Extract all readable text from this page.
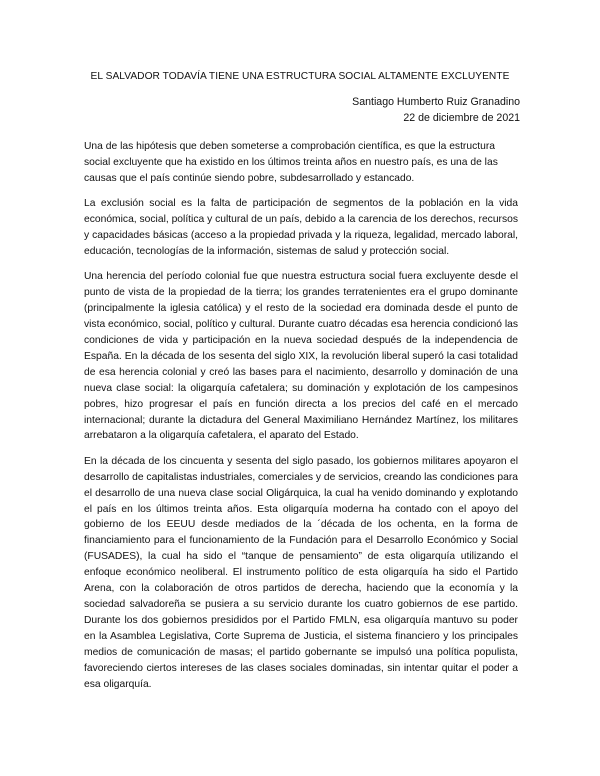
EL SALVADOR TODAVÍA TIENE UNA ESTRUCTURA SOCIAL ALTAMENTE EXCLUYENTE
Santiago Humberto Ruiz Granadino
22 de diciembre de 2021

Una de las hipótesis que deben someterse a comprobación científica, es que la estructura social excluyente que ha existido en los últimos treinta años en nuestro país, es una de las causas que el país continúe siendo pobre, subdesarrollado y estancado.

La exclusión social es la falta de participación de segmentos de la población en la vida económica, social, política y cultural de un país, debido a la carencia de los derechos, recursos y capacidades básicas (acceso a la propiedad privada y la riqueza, legalidad, mercado laboral, educación, tecnologías de la información, sistemas de salud y protección social.

Una herencia del período colonial fue que nuestra estructura social fuera excluyente desde el punto de vista de la propiedad de la tierra; los grandes terratenientes era el grupo dominante (principalmente la iglesia católica) y el resto de la sociedad era dominada desde el punto de vista económico, social, político y cultural. Durante cuatro décadas esa herencia condicionó las condiciones de vida y participación en la nueva sociedad después de la independencia de España. En la década de los sesenta del siglo XIX, la revolución liberal superó la casi totalidad de esa herencia colonial y creó las bases para el nacimiento, desarrollo y dominación de una nueva clase social: la oligarquía cafetalera; su dominación y explotación de los campesinos pobres, hizo progresar el país en función directa a los precios del café en el mercado internacional; durante la dictadura del General Maximiliano Hernández Martínez, los militares arrebataron a la oligarquía cafetalera, el aparato del Estado.

En la década de los cincuenta y sesenta del siglo pasado, los gobiernos militares apoyaron el desarrollo de capitalistas industriales, comerciales y de servicios, creando las condiciones para el desarrollo de una nueva clase social Oligárquica, la cual ha venido dominando y explotando el país en los últimos treinta años. Esta oligarquía moderna ha contado con el apoyo del gobierno de los EEUU desde mediados de la ´década de los ochenta, en la forma de financiamiento para el funcionamiento de la Fundación para el Desarrollo Económico y Social (FUSADES), la cual ha sido el “tanque de pensamiento” de esta oligarquía utilizando el enfoque económico neoliberal. El instrumento político de esta oligarquía ha sido el Partido Arena, con la colaboración de otros partidos de derecha, haciendo que la economía y la sociedad salvadoreña se pusiera a su servicio durante los cuatro gobiernos de ese partido. Durante los dos gobiernos presididos por el Partido FMLN, esa oligarquía mantuvo su poder en la Asamblea Legislativa, Corte Suprema de Justicia, el sistema financiero y los principales medios de comunicación de masas; el partido gobernante se impulsó una política populista, favoreciendo ciertos intereses de las clases sociales dominadas, sin intentar quitar el poder a esa oligarquía.
